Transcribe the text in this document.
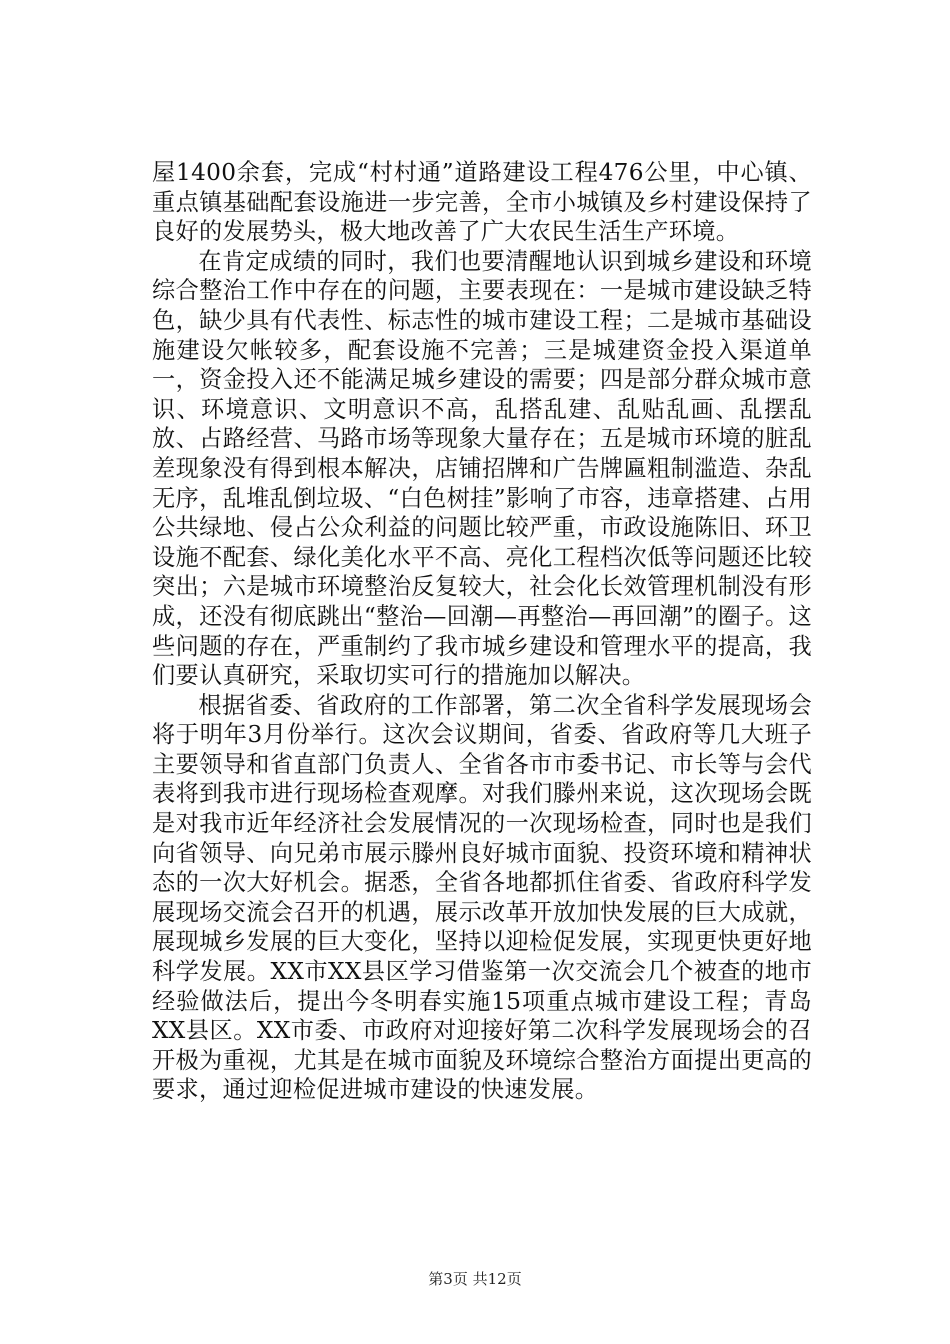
屋1400余套，完成“村村通”道路建设工程476公里，中心镇、重点镇基础配套设施进一步完善，全市小城镇及乡村建设保持了良好的发展势头，极大地改善了广大农民生活生产环境。

在肯定成绩的同时，我们也要清醒地认识到城乡建设和环境综合整治工作中存在的问题，主要表现在：一是城市建设缺乏特色，缺少具有代表性、标志性的城市建设工程；二是城市基础设施建设欠帐较多，配套设施不完善；三是城建资金投入渠道单一，资金投入还不能满足城乡建设的需要；四是部分群众城市意识、环境意识、文明意识不高，乱搭乱建、乱贴乱画、乱摆乱放、占路经营、马路市场等现象大量存在；五是城市环境的脏乱差现象没有得到根本解决，店铺招牌和广告牌匾粗制滥造、杂乱无序，乱堆乱倒垃圾、“白色树挂”影响了市容，违章搭建、占用公共绿地、侵占公众利益的问题比较严重，市政设施陈旧、环卫设施不配套、绿化美化水平不高、亮化工程档次低等问题还比较突出；六是城市环境整治反复较大，社会化长效管理机制没有形成，还没有彻底跳出“整治—回潮—再整治—再回潮”的圈子。这些问题的存在，严重制约了我市城乡建设和管理水平的提高，我们要认真研究，采取切实可行的措施加以解决。

根据省委、省政府的工作部署，第二次全省科学发展现场会将于明年3月份举行。这次会议期间，省委、省政府等几大班子主要领导和省直部门负责人、全省各市市委书记、市长等与会代表将到我市进行现场检查观摩。对我们滕州来说，这次现场会既是对我市近年经济社会发展情况的一次现场检查，同时也是我们向省领导、向兄弟市展示滕州良好城市面貌、投资环境和精神状态的一次大好机会。据悉，全省各地都抓住省委、省政府科学发展现场交流会召开的机遇，展示改革开放加快发展的巨大成就，展现城乡发展的巨大变化，坚持以迎检促发展，实现更快更好地科学发展。XX市XX县区学习借鉴第一次交流会几个被查的地市经验做法后，提出今冬明春实施15项重点城市建设工程；青岛XX县区。XX市委、市政府对迎接好第二次科学发展现场会的召开极为重视，尤其是在城市面貌及环境综合整治方面提出更高的要求，通过迎检促进城市建设的快速发展。

第3页 共12页
